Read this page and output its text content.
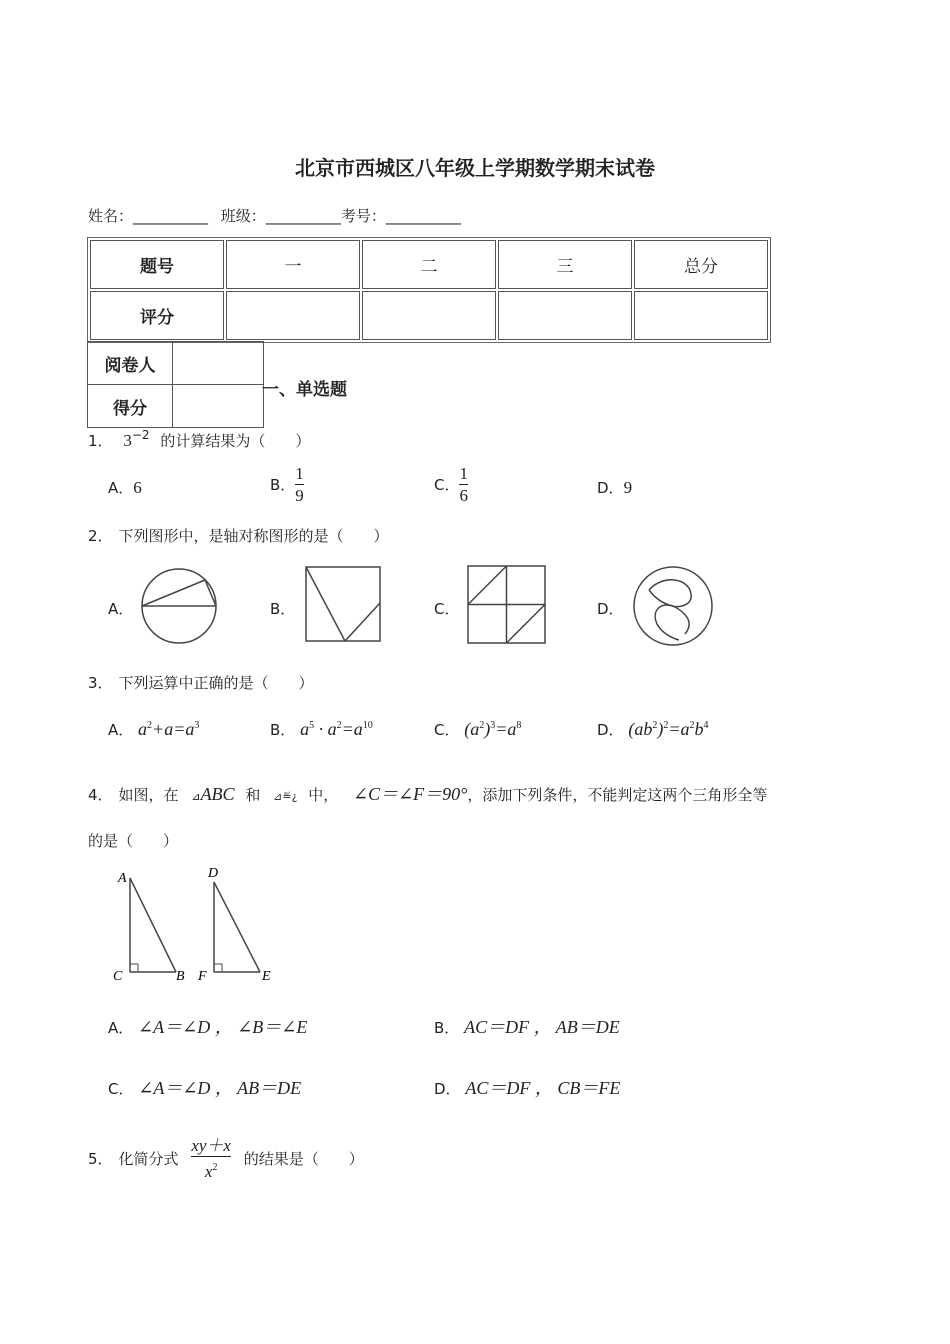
北京市西城区八年级上学期数学期末试卷
姓名：__________ 班级：__________考号：__________
题号	一	二	三	总分
评分				
阅卷人	
得分	
一、单选题
1． $3^{-2}$ 的计算结果为（　　）
A．6	B． $\frac{1}{9}$	C． $\frac{1}{6}$	D．9
2． 下列图形中，是轴对称图形的是（　　）
A．	B．	C．	D．
3． 下列运算中正确的是（　　）
A． $a^2+a=a^3$	B． $a^5 \cdot a^2=a^{10}$	C． $(a^2)^3=a^8$	D． $(ab^2)^2=a^2b^4$
4． 如图，在 ⊿ABC 和 ⊿≝¿ 中， ∠C＝∠F＝90°，添加下列条件，不能判定这两个三角形全等
的是（　　）
A
C	B
D
F	E
A． ∠A＝∠D ， ∠B＝∠E	B． AC＝DF ， AB＝DE
C． ∠A＝∠D ， AB＝DE	D． AC＝DF ， CB＝FE
5． 化简分式 $\frac{xy+x}{x^2}$ 的结果是（　　）
